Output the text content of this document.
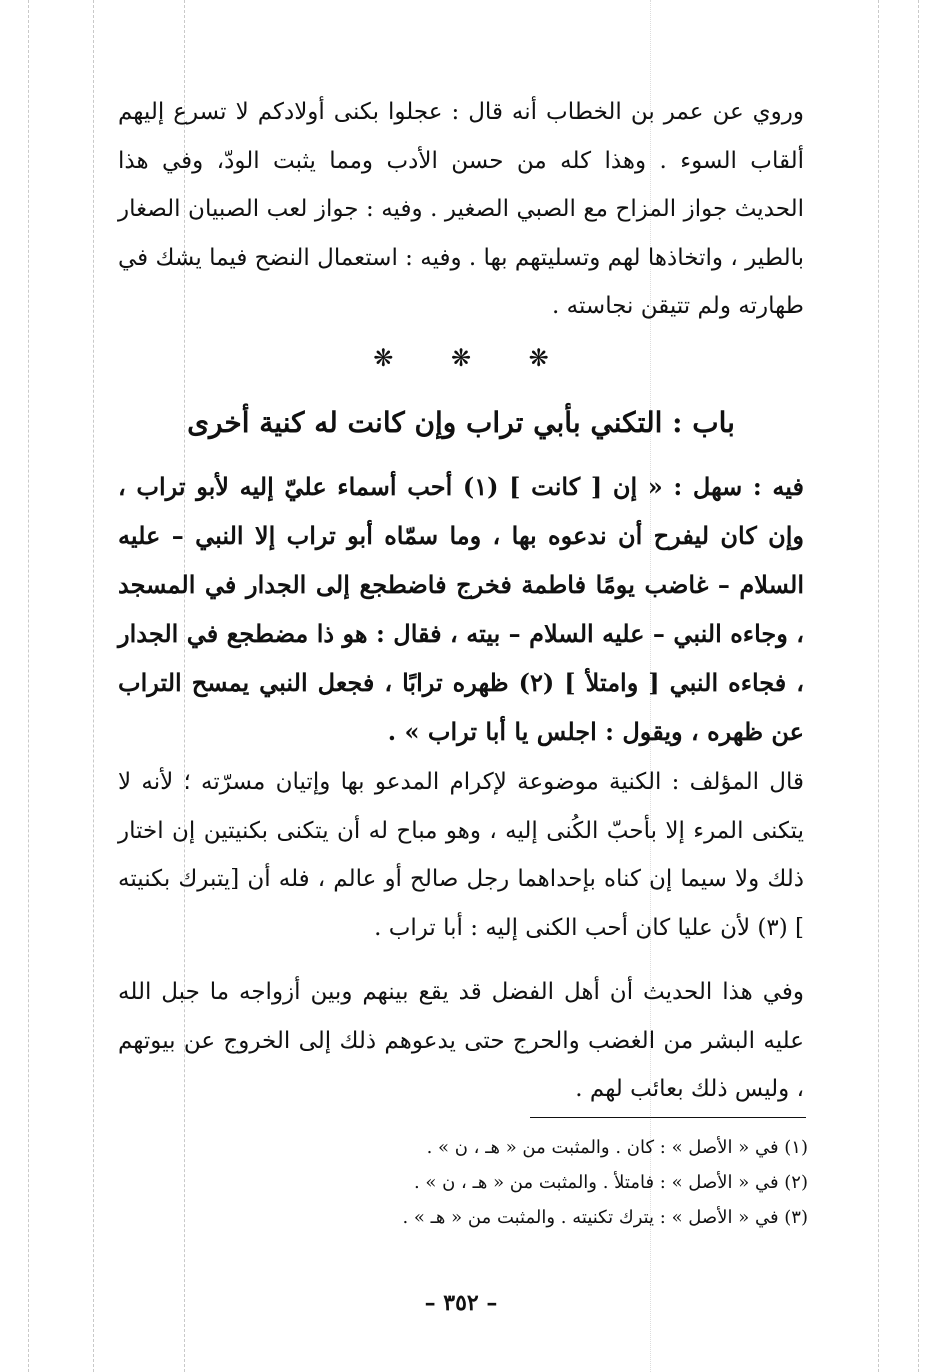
وروي عن عمر بن الخطاب أنه قال : عجلوا بكنى أولادكم لا تسرع إليهم ألقاب السوء . وهذا كله من حسن الأدب ومما يثبت الودّ، وفي هذا الحديث جواز المزاح مع الصبي الصغير . وفيه : جواز لعب الصبيان الصغار بالطير ، واتخاذها لهم وتسليتهم بها . وفيه : استعمال النضح فيما يشك في طهارته ولم تتيقن نجاسته .

❋ ❋ ❋
باب : التكني بأبي تراب وإن كانت له كنية أخرى

فيه : سهل : « إن [ كانت ] (١) أحب أسماء عليّ إليه لأبو تراب ، وإن كان ليفرح أن ندعوه بها ، وما سمّاه أبو تراب إلا النبي – عليه السلام – غاضب يومًا فاطمة فخرج فاضطجع إلى الجدار في المسجد ، وجاءه النبي – عليه السلام – بيته ، فقال : هو ذا مضطجع في الجدار ، فجاءه النبي [ وامتلأ ] (٢) ظهره ترابًا ، فجعل النبي يمسح التراب عن ظهره ، ويقول : اجلس يا أبا تراب » .

قال المؤلف : الكنية موضوعة لإكرام المدعو بها وإتيان مسرّته ؛ لأنه لا يتكنى المرء إلا بأحبّ الكُنى إليه ، وهو مباح له أن يتكنى بكنيتين إن اختار ذلك ولا سيما إن كناه بإحداهما رجل صالح أو عالم ، فله أن [يتبرك بكنيته ] (٣) لأن عليا كان أحب الكنى إليه : أبا تراب .

وفي هذا الحديث أن أهل الفضل قد يقع بينهم وبين أزواجه ما جبل الله عليه البشر من الغضب والحرج حتى يدعوهم ذلك إلى الخروج عن بيوتهم ، وليس ذلك بعائب لهم .

(١) في « الأصل » : كان . والمثبت من « هـ ، ن » .

(٢) في « الأصل » : فامتلأ . والمثبت من « هـ ، ن » .

(٣) في « الأصل » : يترك تكنيته . والمثبت من « هـ » .

– ٣٥٢ –
